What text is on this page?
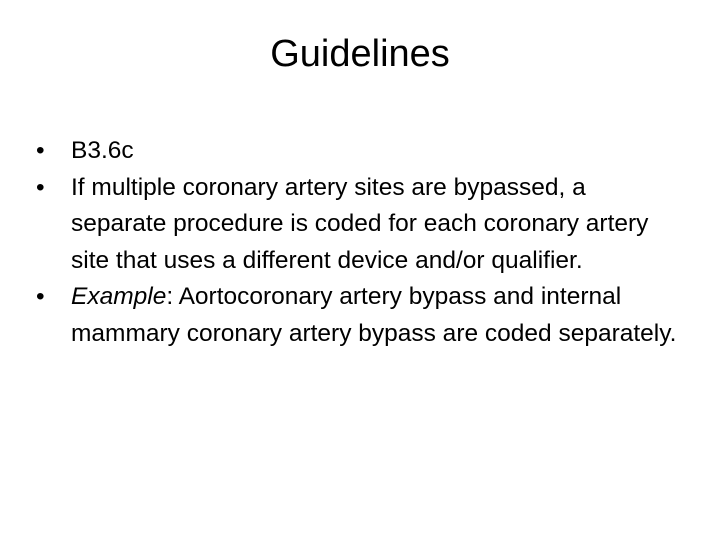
Guidelines
•	B3.6c
•	If multiple coronary artery sites are bypassed, a separate procedure is coded for each coronary artery site that uses a different device and/or qualifier.
•	Example: Aortocoronary artery bypass and internal mammary coronary artery bypass are coded separately.
